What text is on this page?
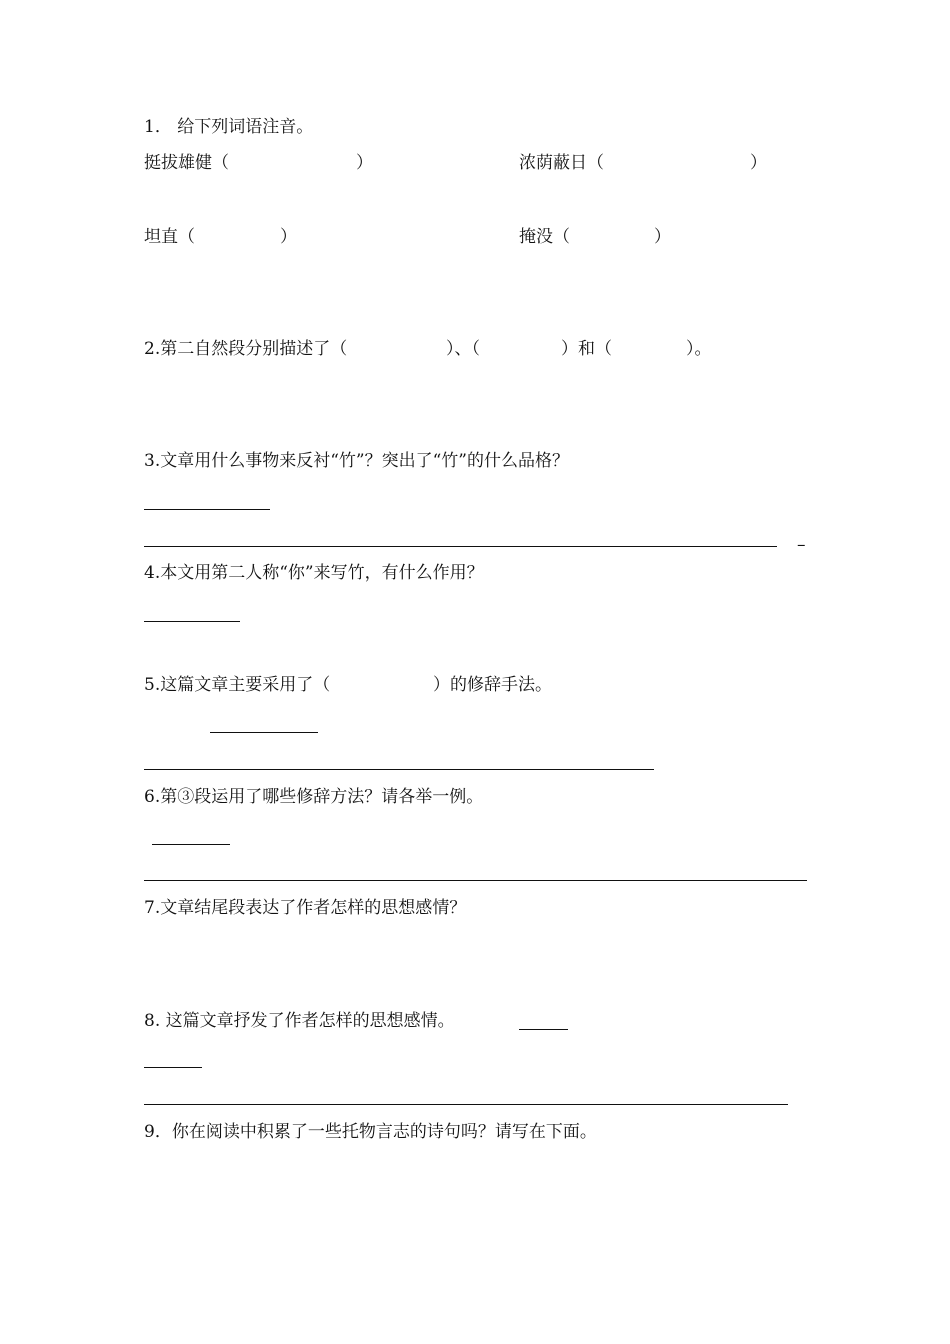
1． 给下列词语注音。
挺拔雄健（	）	浓荫蔽日（	）
坦直（	）	掩没（	）
2.第二自然段分别描述了（	）、（	）和（	）。
3.文章用什么事物来反衬“竹”？突出了“竹”的什么品格？
–
4.本文用第二人称“你”来写竹，有什么作用？
5.这篇文章主要采用了（	）的修辞手法。
6.第③段运用了哪些修辞方法？请各举一例。
7.文章结尾段表达了作者怎样的思想感情？
8. 这篇文章抒发了作者怎样的思想感情。
9．你在阅读中积累了一些托物言志的诗句吗？请写在下面。
